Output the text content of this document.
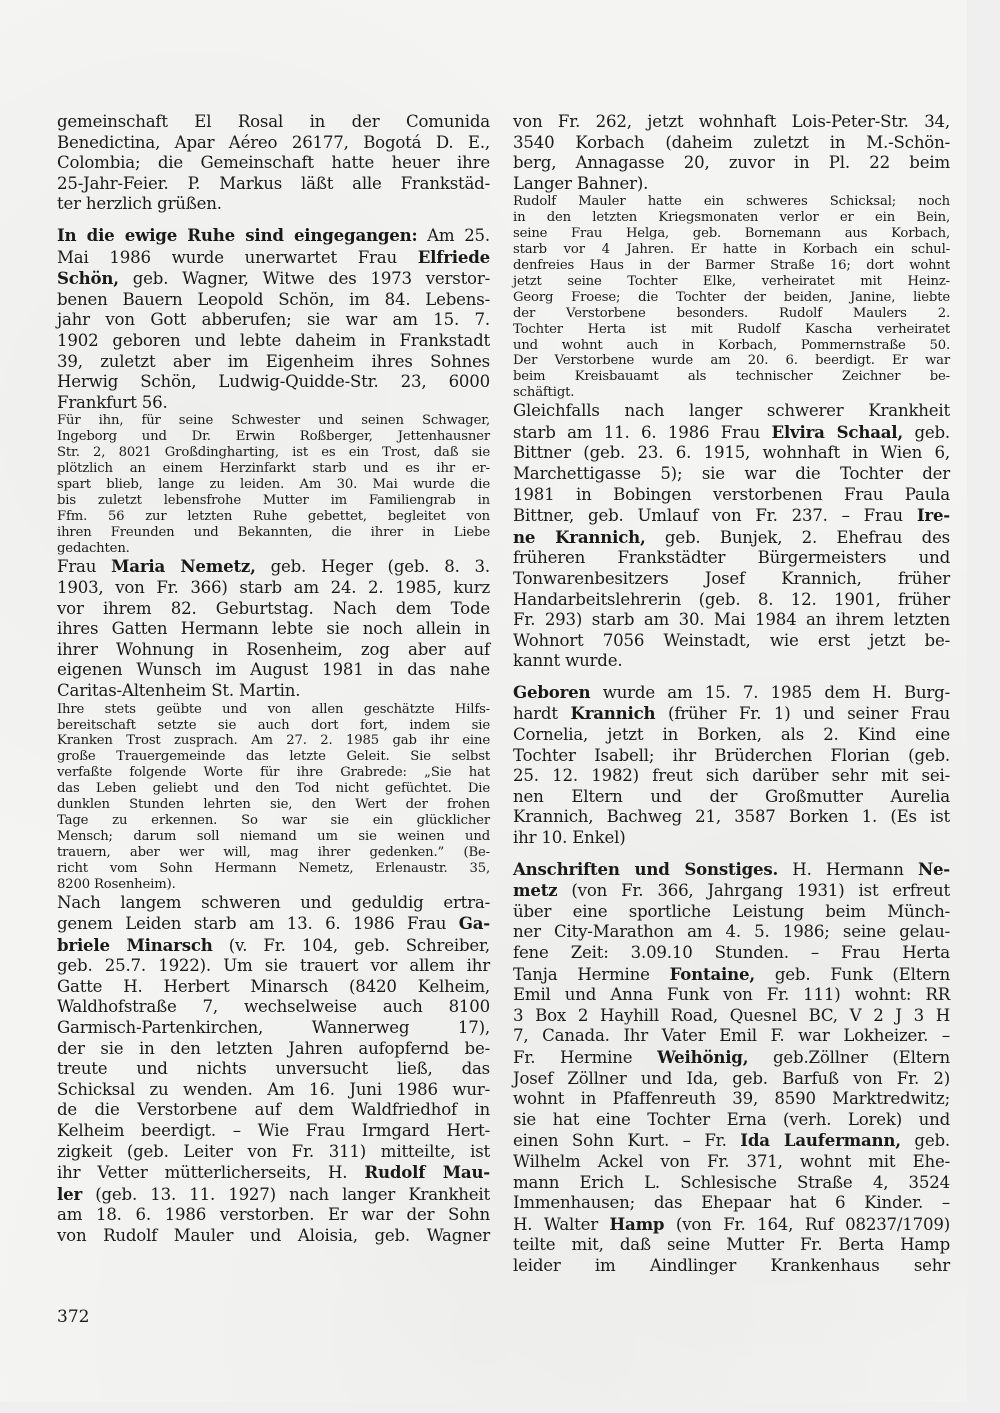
gemeinschaft El Rosal in der Comunida
Benedictina, Apar Aéreo 26177, Bogotá D. E.,
Colombia; die Gemeinschaft hatte heuer ihre
25-Jahr-Feier. P. Markus läßt alle Frankstäd-
ter herzlich grüßen.
In die ewige Ruhe sind eingegangen: Am 25.
Mai 1986 wurde unerwartet Frau Elfriede
Schön, geb. Wagner, Witwe des 1973 verstor-
benen Bauern Leopold Schön, im 84. Lebens-
jahr von Gott abberufen; sie war am 15. 7.
1902 geboren und lebte daheim in Frankstadt
39, zuletzt aber im Eigenheim ihres Sohnes
Herwig Schön, Ludwig-Quidde-Str. 23, 6000
Frankfurt 56.
Für ihn, für seine Schwester und seinen Schwager,
Ingeborg und Dr. Erwin Roßberger, Jettenhausner
Str. 2, 8021 Großdingharting, ist es ein Trost, daß sie
plötzlich an einem Herzinfarkt starb und es ihr er-
spart blieb, lange zu leiden. Am 30. Mai wurde die
bis zuletzt lebensfrohe Mutter im Familiengrab in
Ffm. 56 zur letzten Ruhe gebettet, begleitet von
ihren Freunden und Bekannten, die ihrer in Liebe
gedachten.
Frau Maria Nemetz, geb. Heger (geb. 8. 3.
1903, von Fr. 366) starb am 24. 2. 1985, kurz
vor ihrem 82. Geburtstag. Nach dem Tode
ihres Gatten Hermann lebte sie noch allein in
ihrer Wohnung in Rosenheim, zog aber auf
eigenen Wunsch im August 1981 in das nahe
Caritas-Altenheim St. Martin.
Ihre stets geübte und von allen geschätzte Hilfs-
bereitschaft setzte sie auch dort fort, indem sie
Kranken Trost zusprach. Am 27. 2. 1985 gab ihr eine
große Trauergemeinde das letzte Geleit. Sie selbst
verfaßte folgende Worte für ihre Grabrede: „Sie hat
das Leben geliebt und den Tod nicht gefüchtet. Die
dunklen Stunden lehrten sie, den Wert der frohen
Tage zu erkennen. So war sie ein glücklicher
Mensch; darum soll niemand um sie weinen und
trauern, aber wer will, mag ihrer gedenken.” (Be-
richt vom Sohn Hermann Nemetz, Erlenaustr. 35,
8200 Rosenheim).
Nach langem schweren und geduldig ertra-
genem Leiden starb am 13. 6. 1986 Frau Ga-
briele Minarsch (v. Fr. 104, geb. Schreiber,
geb. 25.7. 1922). Um sie trauert vor allem ihr
Gatte H. Herbert Minarsch (8420 Kelheim,
Waldhofstraße 7, wechselweise auch 8100
Garmisch-Partenkirchen, Wannerweg 17),
der sie in den letzten Jahren aufopfernd be-
treute und nichts unversucht ließ, das
Schicksal zu wenden. Am 16. Juni 1986 wur-
de die Verstorbene auf dem Waldfriedhof in
Kelheim beerdigt. – Wie Frau Irmgard Hert-
zigkeit (geb. Leiter von Fr. 311) mitteilte, ist
ihr Vetter mütterlicherseits, H. Rudolf Mau-
ler (geb. 13. 11. 1927) nach langer Krankheit
am 18. 6. 1986 verstorben. Er war der Sohn
von Rudolf Mauler und Aloisia, geb. Wagner
von Fr. 262, jetzt wohnhaft Lois-Peter-Str. 34,
3540 Korbach (daheim zuletzt in M.-Schön-
berg, Annagasse 20, zuvor in Pl. 22 beim
Langer Bahner).
Rudolf Mauler hatte ein schweres Schicksal; noch
in den letzten Kriegsmonaten verlor er ein Bein,
seine Frau Helga, geb. Bornemann aus Korbach,
starb vor 4 Jahren. Er hatte in Korbach ein schul-
denfreies Haus in der Barmer Straße 16; dort wohnt
jetzt seine Tochter Elke, verheiratet mit Heinz-
Georg Froese; die Tochter der beiden, Janine, liebte
der Verstorbene besonders. Rudolf Maulers 2.
Tochter Herta ist mit Rudolf Kascha verheiratet
und wohnt auch in Korbach, Pommernstraße 50.
Der Verstorbene wurde am 20. 6. beerdigt. Er war
beim Kreisbauamt als technischer Zeichner be-
schäftigt.
Gleichfalls nach langer schwerer Krankheit
starb am 11. 6. 1986 Frau Elvira Schaal, geb.
Bittner (geb. 23. 6. 1915, wohnhaft in Wien 6,
Marchettigasse 5); sie war die Tochter der
1981 in Bobingen verstorbenen Frau Paula
Bittner, geb. Umlauf von Fr. 237. – Frau Ire-
ne Krannich, geb. Bunjek, 2. Ehefrau des
früheren Frankstädter Bürgermeisters und
Tonwarenbesitzers Josef Krannich, früher
Handarbeitslehrerin (geb. 8. 12. 1901, früher
Fr. 293) starb am 30. Mai 1984 an ihrem letzten
Wohnort 7056 Weinstadt, wie erst jetzt be-
kannt wurde.
Geboren wurde am 15. 7. 1985 dem H. Burg-
hardt Krannich (früher Fr. 1) und seiner Frau
Cornelia, jetzt in Borken, als 2. Kind eine
Tochter Isabell; ihr Brüderchen Florian (geb.
25. 12. 1982) freut sich darüber sehr mit sei-
nen Eltern und der Großmutter Aurelia
Krannich, Bachweg 21, 3587 Borken 1. (Es ist
ihr 10. Enkel)
Anschriften und Sonstiges. H. Hermann Ne-
metz (von Fr. 366, Jahrgang 1931) ist erfreut
über eine sportliche Leistung beim Münch-
ner City-Marathon am 4. 5. 1986; seine gelau-
fene Zeit: 3.09.10 Stunden. – Frau Herta
Tanja Hermine Fontaine, geb. Funk (Eltern
Emil und Anna Funk von Fr. 111) wohnt: RR
3 Box 2 Hayhill Road, Quesnel BC, V 2 J 3 H
7, Canada. Ihr Vater Emil F. war Lokheizer. –
Fr. Hermine Weihönig, geb.Zöllner (Eltern
Josef Zöllner und Ida, geb. Barfuß von Fr. 2)
wohnt in Pfaffenreuth 39, 8590 Marktredwitz;
sie hat eine Tochter Erna (verh. Lorek) und
einen Sohn Kurt. – Fr. Ida Laufermann, geb.
Wilhelm Ackel von Fr. 371, wohnt mit Ehe-
mann Erich L. Schlesische Straße 4, 3524
Immenhausen; das Ehepaar hat 6 Kinder. –
H. Walter Hamp (von Fr. 164, Ruf 08237/1709)
teilte mit, daß seine Mutter Fr. Berta Hamp
leider im Aindlinger Krankenhaus sehr
372
